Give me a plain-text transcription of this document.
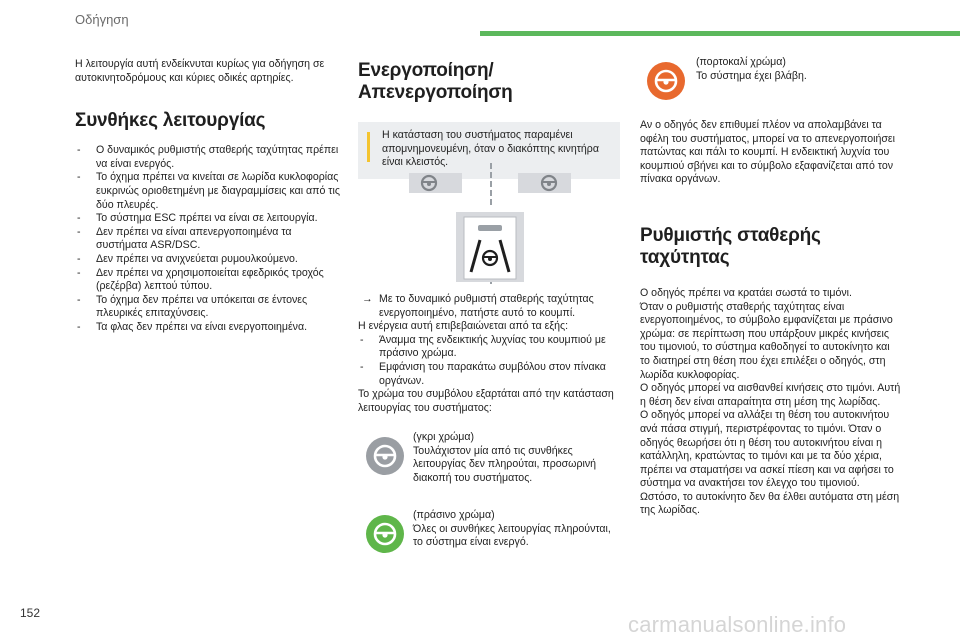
Οδήγηση

Η λειτουργία αυτή ενδείκνυται κυρίως για οδήγηση σε αυτοκινητοδρόμους και κύριες οδικές αρτηρίες.

Συνθήκες λειτουργίας
- Ο δυναμικός ρυθμιστής σταθερής ταχύτητας πρέπει να είναι ενεργός.
- Το όχημα πρέπει να κινείται σε λωρίδα κυκλοφορίας ευκρινώς οριοθετημένη με διαγραμμίσεις και από τις δύο πλευρές.
- Το σύστημα ESC πρέπει να είναι σε λειτουργία.
- Δεν πρέπει να είναι απενεργοποιημένα τα συστήματα ASR/DSC.
- Δεν πρέπει να ανιχνεύεται ρυμουλκούμενο.
- Δεν πρέπει να χρησιμοποιείται εφεδρικός τροχός (ρεζέρβα) λεπτού τύπου.
- Το όχημα δεν πρέπει να υπόκειται σε έντονες πλευρικές επιταχύνσεις.
- Τα φλας δεν πρέπει να είναι ενεργοποιημένα.
Ενεργοποίηση/Απενεργοποίηση

Η κατάσταση του συστήματος παραμένει απομνημονευμένη, όταν ο διακόπτης κινητήρα είναι κλειστός.

→ Με το δυναμικό ρυθμιστή σταθερής ταχύτητας ενεργοποιημένο, πατήστε αυτό το κουμπί.

Η ενέργεια αυτή επιβεβαιώνεται από τα εξής:

- Άναμμα της ενδεικτικής λυχνίας του κουμπιού με πράσινο χρώμα.
- Εμφάνιση του παρακάτω συμβόλου στον πίνακα οργάνων.

Το χρώμα του συμβόλου εξαρτάται από την κατάσταση λειτουργίας του συστήματος:

(γκρι χρώμα)

Τουλάχιστον μία από τις συνθήκες λειτουργίας δεν πληρούται, προσωρινή διακοπή του συστήματος.

(πράσινο χρώμα)

Όλες οι συνθήκες λειτουργίας πληρούνται, το σύστημα είναι ενεργό.

(πορτοκαλί χρώμα)

Το σύστημα έχει βλάβη.

Αν ο οδηγός δεν επιθυμεί πλέον να απολαμβάνει τα οφέλη του συστήματος, μπορεί να το απενεργοποιήσει πατώντας και πάλι το κουμπί. Η ενδεικτική λυχνία του κουμπιού σβήνει και το σύμβολο εξαφανίζεται από τον πίνακα οργάνων.

Ρυθμιστής σταθερής ταχύτητας

Ο οδηγός πρέπει να κρατάει σωστά το τιμόνι.

Όταν ο ρυθμιστής σταθερής ταχύτητας είναι ενεργοποιημένος, το σύμβολο εμφανίζεται με πράσινο χρώμα: σε περίπτωση που υπάρξουν μικρές κινήσεις του τιμονιού, το σύστημα καθοδηγεί το αυτοκίνητο και το διατηρεί στη θέση που έχει επιλέξει ο οδηγός, στη λωρίδα κυκλοφορίας.

Ο οδηγός μπορεί να αισθανθεί κινήσεις στο τιμόνι. Αυτή η θέση δεν είναι απαραίτητα στη μέση της λωρίδας.

Ο οδηγός μπορεί να αλλάξει τη θέση του αυτοκινήτου ανά πάσα στιγμή, περιστρέφοντας το τιμόνι. Όταν ο οδηγός θεωρήσει ότι η θέση του αυτοκινήτου είναι η κατάλληλη, κρατώντας το τιμόνι και με τα δύο χέρια, πρέπει να σταματήσει να ασκεί πίεση και να αφήσει το σύστημα να ανακτήσει τον έλεγχο του τιμονιού. Ωστόσο, το αυτοκίνητο δεν θα έλθει αυτόματα στη μέση της λωρίδας.

152	carmanualsonline.info
